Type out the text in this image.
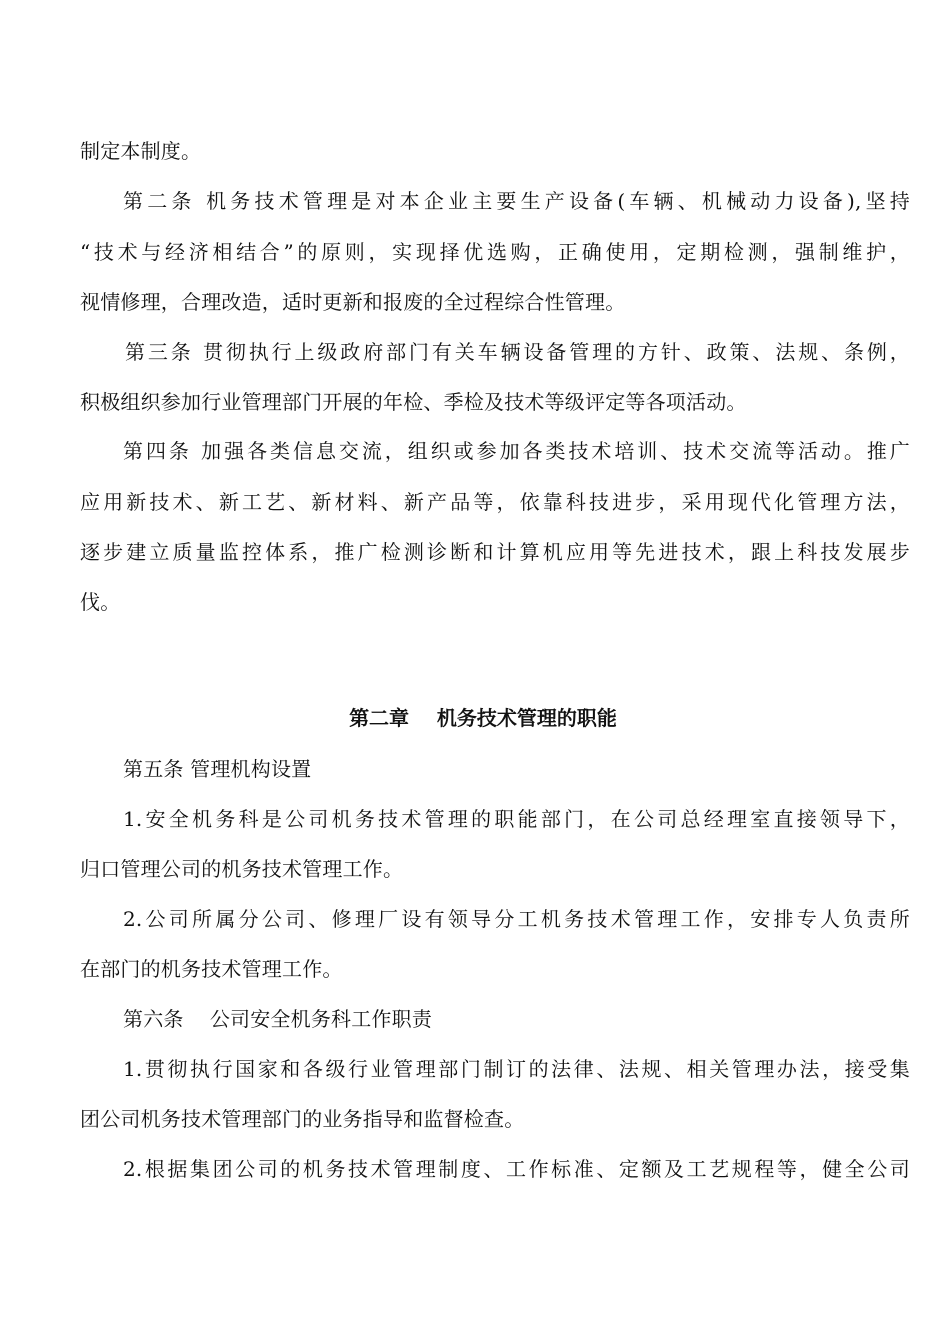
制定本制度。
第二条 机务技术管理是对本企业主要生产设备(车辆、机械动力设备),坚持
“技术与经济相结合”的原则，实现择优选购，正确使用，定期检测，强制维护，
视情修理，合理改造，适时更新和报废的全过程综合性管理。
第三条 贯彻执行上级政府部门有关车辆设备管理的方针、政策、法规、条例，
积极组织参加行业管理部门开展的年检、季检及技术等级评定等各项活动。
第四条 加强各类信息交流，组织或参加各类技术培训、技术交流等活动。推广
应用新技术、新工艺、新材料、新产品等，依靠科技进步，采用现代化管理方法，
逐步建立质量监控体系，推广检测诊断和计算机应用等先进技术，跟上科技发展步
伐。
第二章    机务技术管理的职能
第五条 管理机构设置
1.安全机务科是公司机务技术管理的职能部门，在公司总经理室直接领导下，
归口管理公司的机务技术管理工作。
2.公司所属分公司、修理厂设有领导分工机务技术管理工作，安排专人负责所
在部门的机务技术管理工作。
第六条    公司安全机务科工作职责
1.贯彻执行国家和各级行业管理部门制订的法律、法规、相关管理办法，接受集
团公司机务技术管理部门的业务指导和监督检查。
2.根据集团公司的机务技术管理制度、工作标准、定额及工艺规程等，健全公司
